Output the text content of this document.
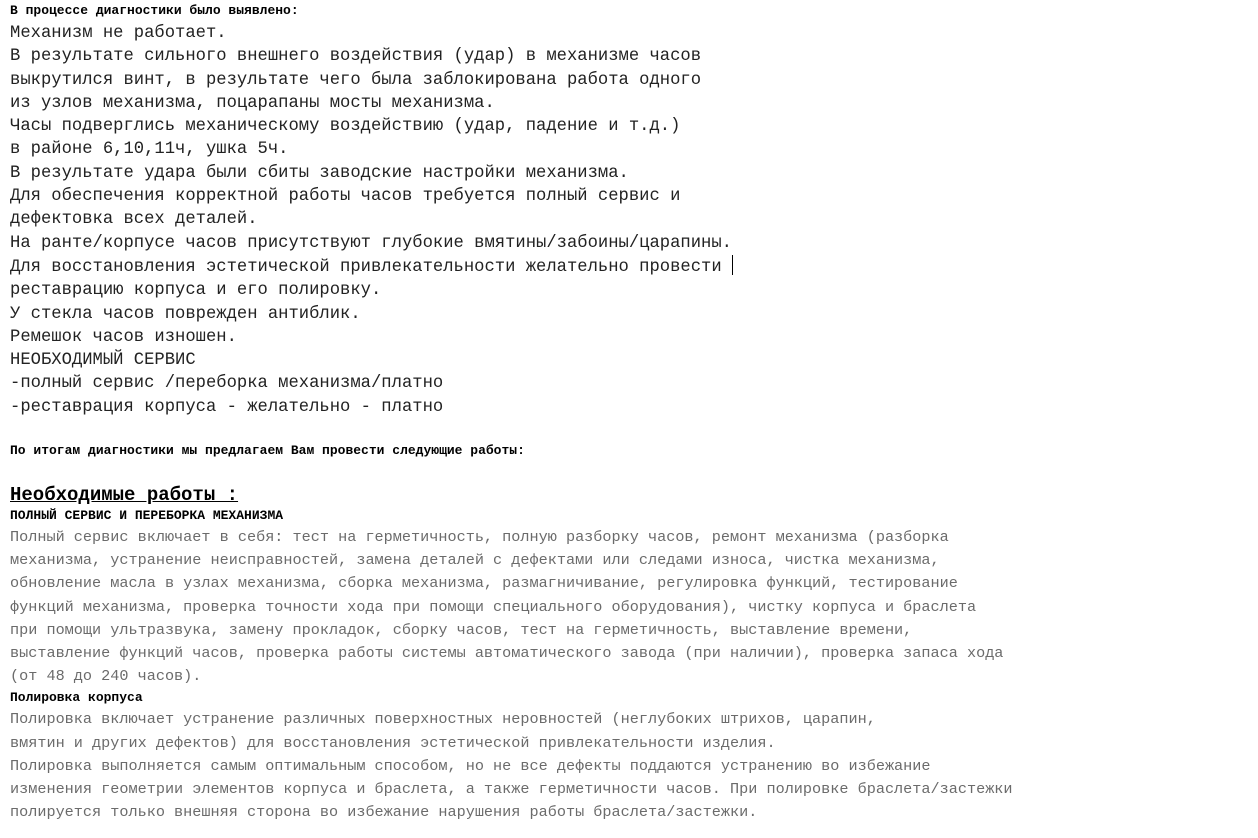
В процессе диагностики было выявлено:
Механизм не работает.
В результате сильного внешнего воздействия (удар) в механизме часов
выкрутился винт, в результате чего была заблокирована работа одного
из узлов механизма, поцарапаны мосты механизма.
Часы подверглись механическому воздействию (удар, падение и т.д.)
в районе 6,10,11ч, ушка 5ч.
В результате удара были сбиты заводские настройки механизма.
Для обеспечения корректной работы часов требуется полный сервис и
дефектовка всех деталей.
На ранте/корпусе часов присутствуют глубокие вмятины/забоины/царапины.
Для восстановления эстетической привлекательности желательно провести
реставрацию корпуса и его полировку.
У стекла часов поврежден антиблик.
Ремешок часов изношен.
НЕОБХОДИМЫЙ СЕРВИС
-полный сервис /переборка механизма/платно
-реставрация корпуса - желательно - платно
По итогам диагностики мы предлагаем Вам провести следующие работы:
Необходимые работы :
ПОЛНЫЙ СЕРВИС И ПЕРЕБОРКА МЕХАНИЗМА
Полный сервис включает в себя: тест на герметичность, полную разборку часов, ремонт механизма (разборка
механизма, устранение неисправностей, замена деталей с дефектами или следами износа, чистка механизма,
обновление масла в узлах механизма, сборка механизма, размагничивание, регулировка функций, тестирование
функций механизма, проверка точности хода при помощи специального оборудования), чистку корпуса и браслета
при помощи ультразвука, замену прокладок, сборку часов, тест на герметичность, выставление времени,
выставление функций часов, проверка работы системы автоматического завода (при наличии), проверка запаса хода
(от 48 до 240 часов).
Полировка корпуса
Полировка включает устранение различных поверхностных неровностей (неглубоких штрихов, царапин,
вмятин и других дефектов) для восстановления эстетической привлекательности изделия.
Полировка выполняется самым оптимальным способом, но не все дефекты поддаются устранению во избежание
изменения геометрии элементов корпуса и браслета, а также герметичности часов. При полировке браслета/застежки
полируется только внешняя сторона во избежание нарушения работы браслета/застежки.
